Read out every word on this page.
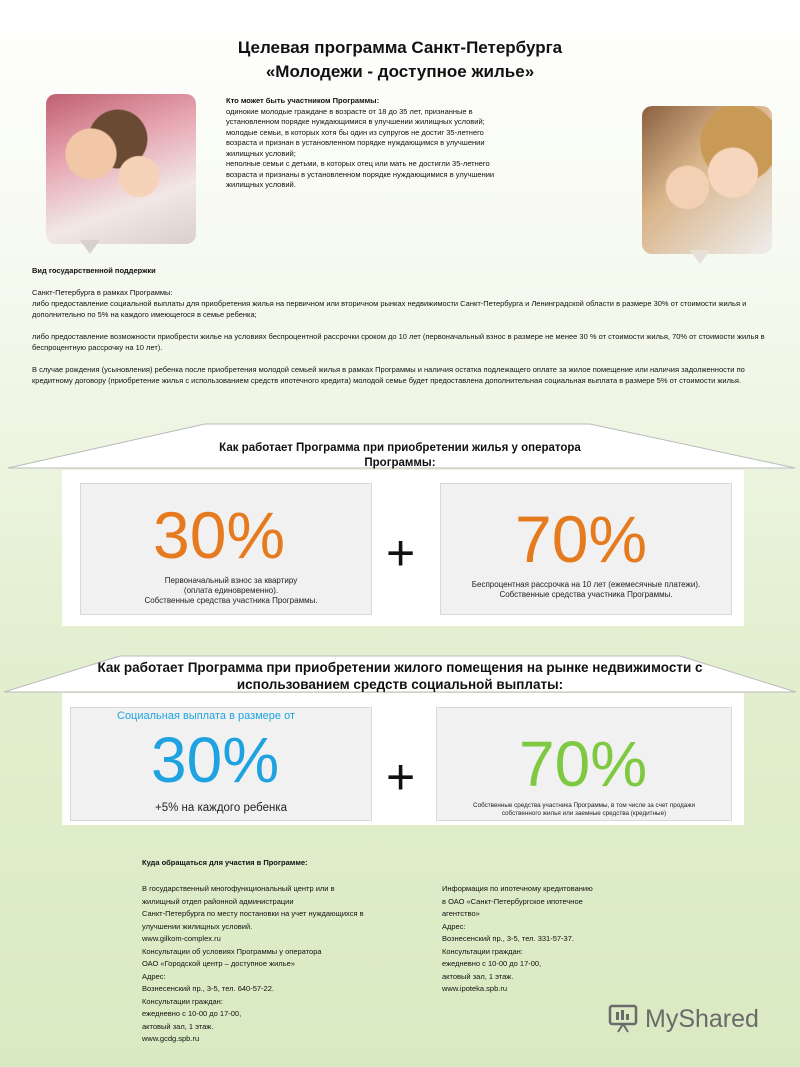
Целевая программа Санкт-Петербурга
«Молодежи - доступное жилье»
Кто может быть участником Программы:
одинокие молодые граждане в возрасте от 18 до 35 лет, признанные в
установленном порядке нуждающимися в улучшении жилищных условий;
молодые семьи, в которых хотя бы один из супругов не достиг 35-летнего
возраста и признан в установленном порядке нуждающимся в улучшении
жилищных условий;
неполные семьи с детьми, в которых отец или мать не достигли 35-летнего
возраста и признаны в установленном порядке нуждающимися в улучшении
жилищных условий.

Вид государственной поддержки

Санкт-Петербурга в рамках Программы:

либо предоставление социальной выплаты для приобретения жилья на первичном или вторичном рынках недвижимости Санкт-Петербурга и Ленинградской области в размере 30% от стоимости жилья и дополнительно по 5% на каждого имеющегося в семье ребенка;

либо предоставление возможности приобрести жилье на условиях беспроцентной рассрочки сроком до 10 лет (первоначальный взнос в размере не менее 30 % от стоимости жилья, 70% от стоимости жилья в беспроцентную рассрочку на 10 лет).

В случае рождения (усыновления) ребенка после приобретения молодой семьей жилья в рамках Программы и наличия остатка подлежащего оплате за жилое помещение или наличия задолженности по кредитному договору (приобретение жилья с использованием средств ипотечного кредита) молодой семье будет предоставлена дополнительная социальная выплата в размере 5% от стоимости жилья.

Как работает Программа при приобретении жилья у оператора Программы:
30%
Первоначальный взнос за квартиру
(оплата единовременно).
Собственные средства участника Программы.
+ 70%
Беспроцентная рассрочка на 10 лет (ежемесячные платежи).
Собственные средства участника Программы.
Как работает Программа при приобретении жилого помещения на рынке недвижимости с
использованием средств социальной выплаты:
Социальная выплата в размере от
30%
+5% на каждого ребенка
+ 70%
Собственные средства участника Программы, в том числе за счет продажи
собственного жилья или заемные средства (кредитные)
Куда обращаться для участия в Программе:
В государственный многофункциональный центр или в
жилищный отдел районной администрации
Санкт-Петербурга по месту постановки на учет нуждающихся в
улучшении жилищных условий.
www.gilkom-complex.ru
Консультации об условиях Программы у оператора
ОАО «Городской центр – доступное жилье»
Адрес:
Вознесенский пр., 3-5, тел. 640-57-22.
Консультации граждан:
ежедневно с 10-00 до 17-00,
актовый зал, 1 этаж.
www.gcdg.spb.ru
Информация по ипотечному кредитованию
в ОАО «Санкт-Петербургское ипотечное
агентство»
Адрес:
Вознесенский пр., 3-5, тел. 331-57-37.
Консультации граждан:
ежедневно с 10-00 до 17-00,
актовый зал, 1 этаж.
www.ipoteka.spb.ru
MyShared
